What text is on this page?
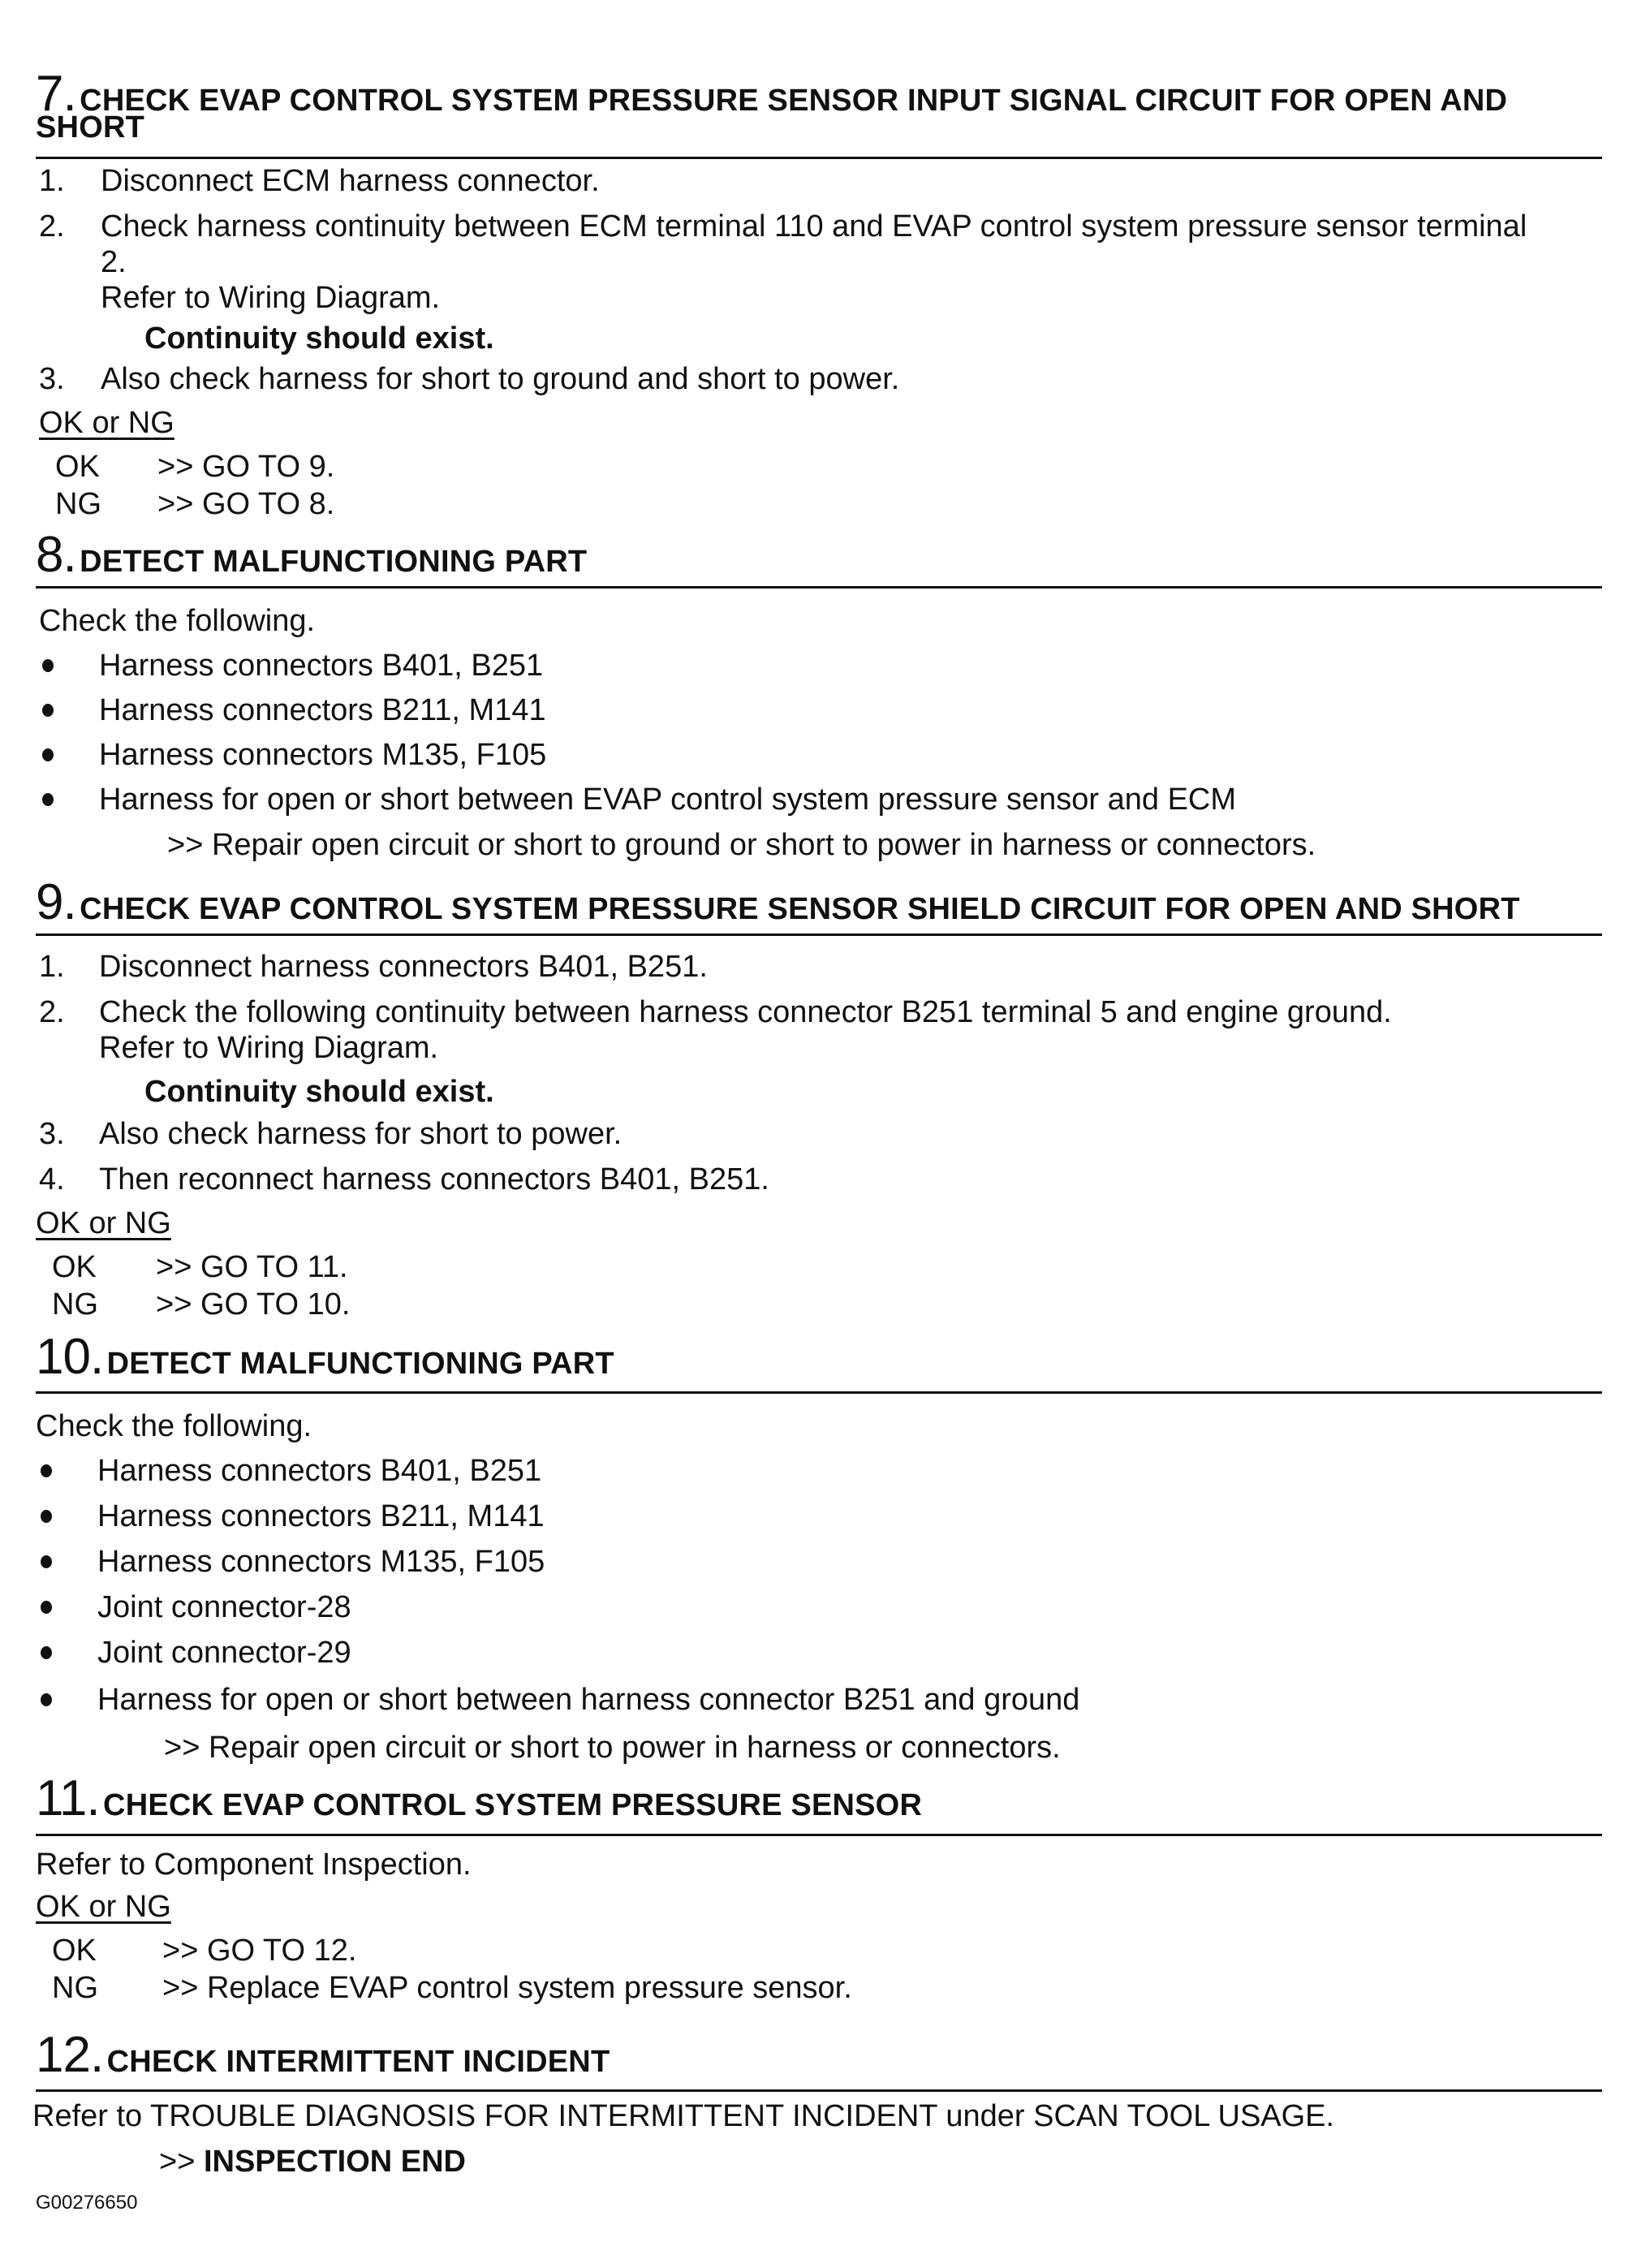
7. CHECK EVAP CONTROL SYSTEM PRESSURE SENSOR INPUT SIGNAL CIRCUIT FOR OPEN AND
SHORT
1. Disconnect ECM harness connector.
2. Check harness continuity between ECM terminal 110 and EVAP control system pressure sensor terminal
2.
Refer to Wiring Diagram.
Continuity should exist.
3. Also check harness for short to ground and short to power.
OK or NG
OK >> GO TO 9.
NG >> GO TO 8.
8. DETECT MALFUNCTIONING PART
Check the following.
Harness connectors B401, B251
Harness connectors B211, M141
Harness connectors M135, F105
Harness for open or short between EVAP control system pressure sensor and ECM
>> Repair open circuit or short to ground or short to power in harness or connectors.
9. CHECK EVAP CONTROL SYSTEM PRESSURE SENSOR SHIELD CIRCUIT FOR OPEN AND SHORT
1. Disconnect harness connectors B401, B251.
2. Check the following continuity between harness connector B251 terminal 5 and engine ground.
Refer to Wiring Diagram.
Continuity should exist.
3. Also check harness for short to power.
4. Then reconnect harness connectors B401, B251.
OK or NG
OK >> GO TO 11.
NG >> GO TO 10.
10. DETECT MALFUNCTIONING PART
Check the following.
Harness connectors B401, B251
Harness connectors B211, M141
Harness connectors M135, F105
Joint connector-28
Joint connector-29
Harness for open or short between harness connector B251 and ground
>> Repair open circuit or short to power in harness or connectors.
11. CHECK EVAP CONTROL SYSTEM PRESSURE SENSOR
Refer to Component Inspection.
OK or NG
OK >> GO TO 12.
NG >> Replace EVAP control system pressure sensor.
12. CHECK INTERMITTENT INCIDENT
Refer to TROUBLE DIAGNOSIS FOR INTERMITTENT INCIDENT under SCAN TOOL USAGE.
>> INSPECTION END
G00276650
